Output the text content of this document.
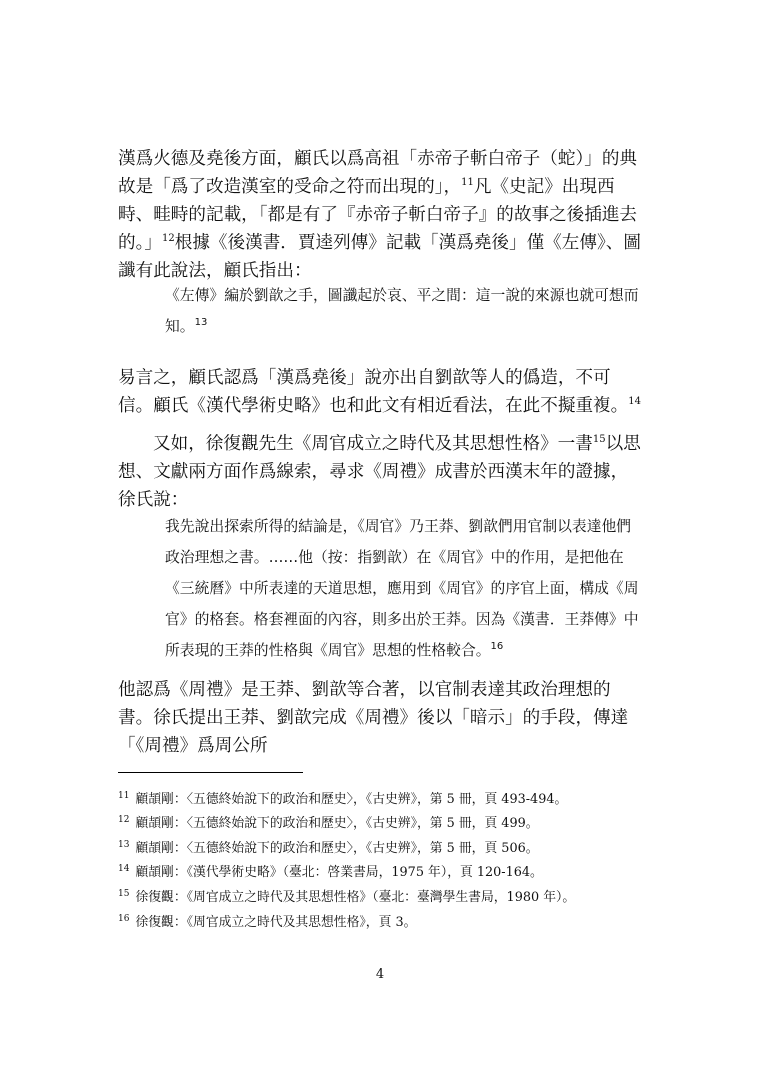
漢爲火德及堯後方面，顧氏以爲高祖「赤帝子斬白帝子（蛇）」的典故是「爲了改造漢室的受命之符而出現的」，$^{11}$凡《史記》出現西畤、畦畤的記載，「都是有了『赤帝子斬白帝子』的故事之後插進去的。」$^{12}$根據《後漢書．賈逵列傳》記載「漢爲堯後」僅《左傳》、圖讖有此說法，顧氏指出：

《左傳》編於劉歆之手，圖讖起於哀、平之間：這一說的來源也就可想而知。$^{13}$

易言之，顧氏認爲「漢爲堯後」說亦出自劉歆等人的僞造，不可信。顧氏《漢代學術史略》也和此文有相近看法，在此不擬重複。$^{14}$

又如，徐復觀先生《周官成立之時代及其思想性格》一書$^{15}$以思想、文獻兩方面作爲線索，尋求《周禮》成書於西漢末年的證據，徐氏說：

我先說出探索所得的結論是，《周官》乃王莽、劉歆們用官制以表達他們政治理想之書。……他（按：指劉歆）在《周官》中的作用，是把他在《三統曆》中所表達的天道思想，應用到《周官》的序官上面，構成《周官》的格套。格套裡面的內容，則多出於王莽。因為《漢書．王莽傳》中所表現的王莽的性格與《周官》思想的性格較合。$^{16}$

他認爲《周禮》是王莽、劉歆等合著，以官制表達其政治理想的書。徐氏提出王莽、劉歆完成《周禮》後以「暗示」的手段，傳達「《周禮》爲周公所

$^{11}$ 顧頡剛：〈五德終始說下的政治和歷史〉，《古史辨》，第 5 冊，頁 493-494。

$^{12}$ 顧頡剛：〈五德終始說下的政治和歷史〉，《古史辨》，第 5 冊，頁 499。

$^{13}$ 顧頡剛：〈五德終始說下的政治和歷史〉，《古史辨》，第 5 冊，頁 506。

$^{14}$ 顧頡剛：《漢代學術史略》（臺北：啓業書局，1975 年），頁 120-164。

$^{15}$ 徐復觀：《周官成立之時代及其思想性格》（臺北：臺灣學生書局，1980 年）。

$^{16}$ 徐復觀：《周官成立之時代及其思想性格》，頁 3。

4
